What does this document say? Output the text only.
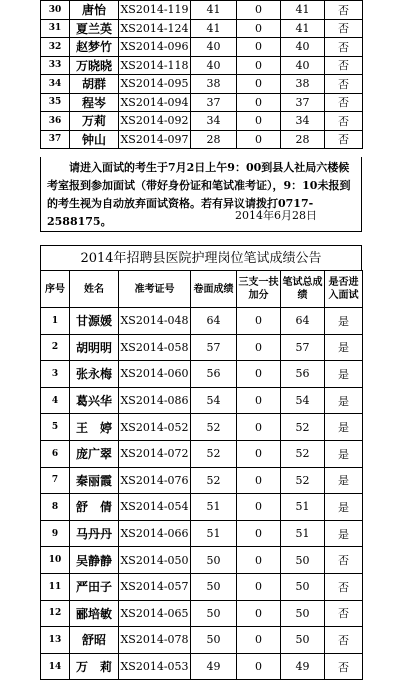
30	唐怡	XS2014-119	41	0	41	否
31	夏兰英	XS2014-124	41	0	41	否
32	赵梦竹	XS2014-096	40	0	40	否
33	万晓晓	XS2014-118	40	0	40	否
34	胡群	XS2014-095	38	0	38	否
35	程岑	XS2014-094	37	0	37	否
36	万莉	XS2014-092	34	0	34	否
37	钟山	XS2014-097	28	0	28	否

请进入面试的考生于7月2日上午9：00到县人社局六楼候考室报到参加面试（带好身份证和笔试准考证），9：10未报到的考生视为自动放弃面试资格。若有异议请拨打0717-2588175。	2014年6月28日
2014年招聘县医院护理岗位笔试成绩公告
序号	姓名	准考证号	卷面成绩	三支一扶加分	笔试总成绩	是否进入面试
1	甘源媛	XS2014-048	64	0	64	是
2	胡明明	XS2014-058	57	0	57	是
3	张永梅	XS2014-060	56	0	56	是
4	葛兴华	XS2014-086	54	0	54	是
5	王　婷	XS2014-052	52	0	52	是
6	庞广翠	XS2014-072	52	0	52	是
7	秦丽霞	XS2014-076	52	0	52	是
8	舒　倩	XS2014-054	51	0	51	是
9	马丹丹	XS2014-066	51	0	51	是
10	吴静静	XS2014-050	50	0	50	否
11	严田子	XS2014-057	50	0	50	否
12	郦培敏	XS2014-065	50	0	50	否
13	舒昭	XS2014-078	50	0	50	否
14	万　莉	XS2014-053	49	0	49	否
